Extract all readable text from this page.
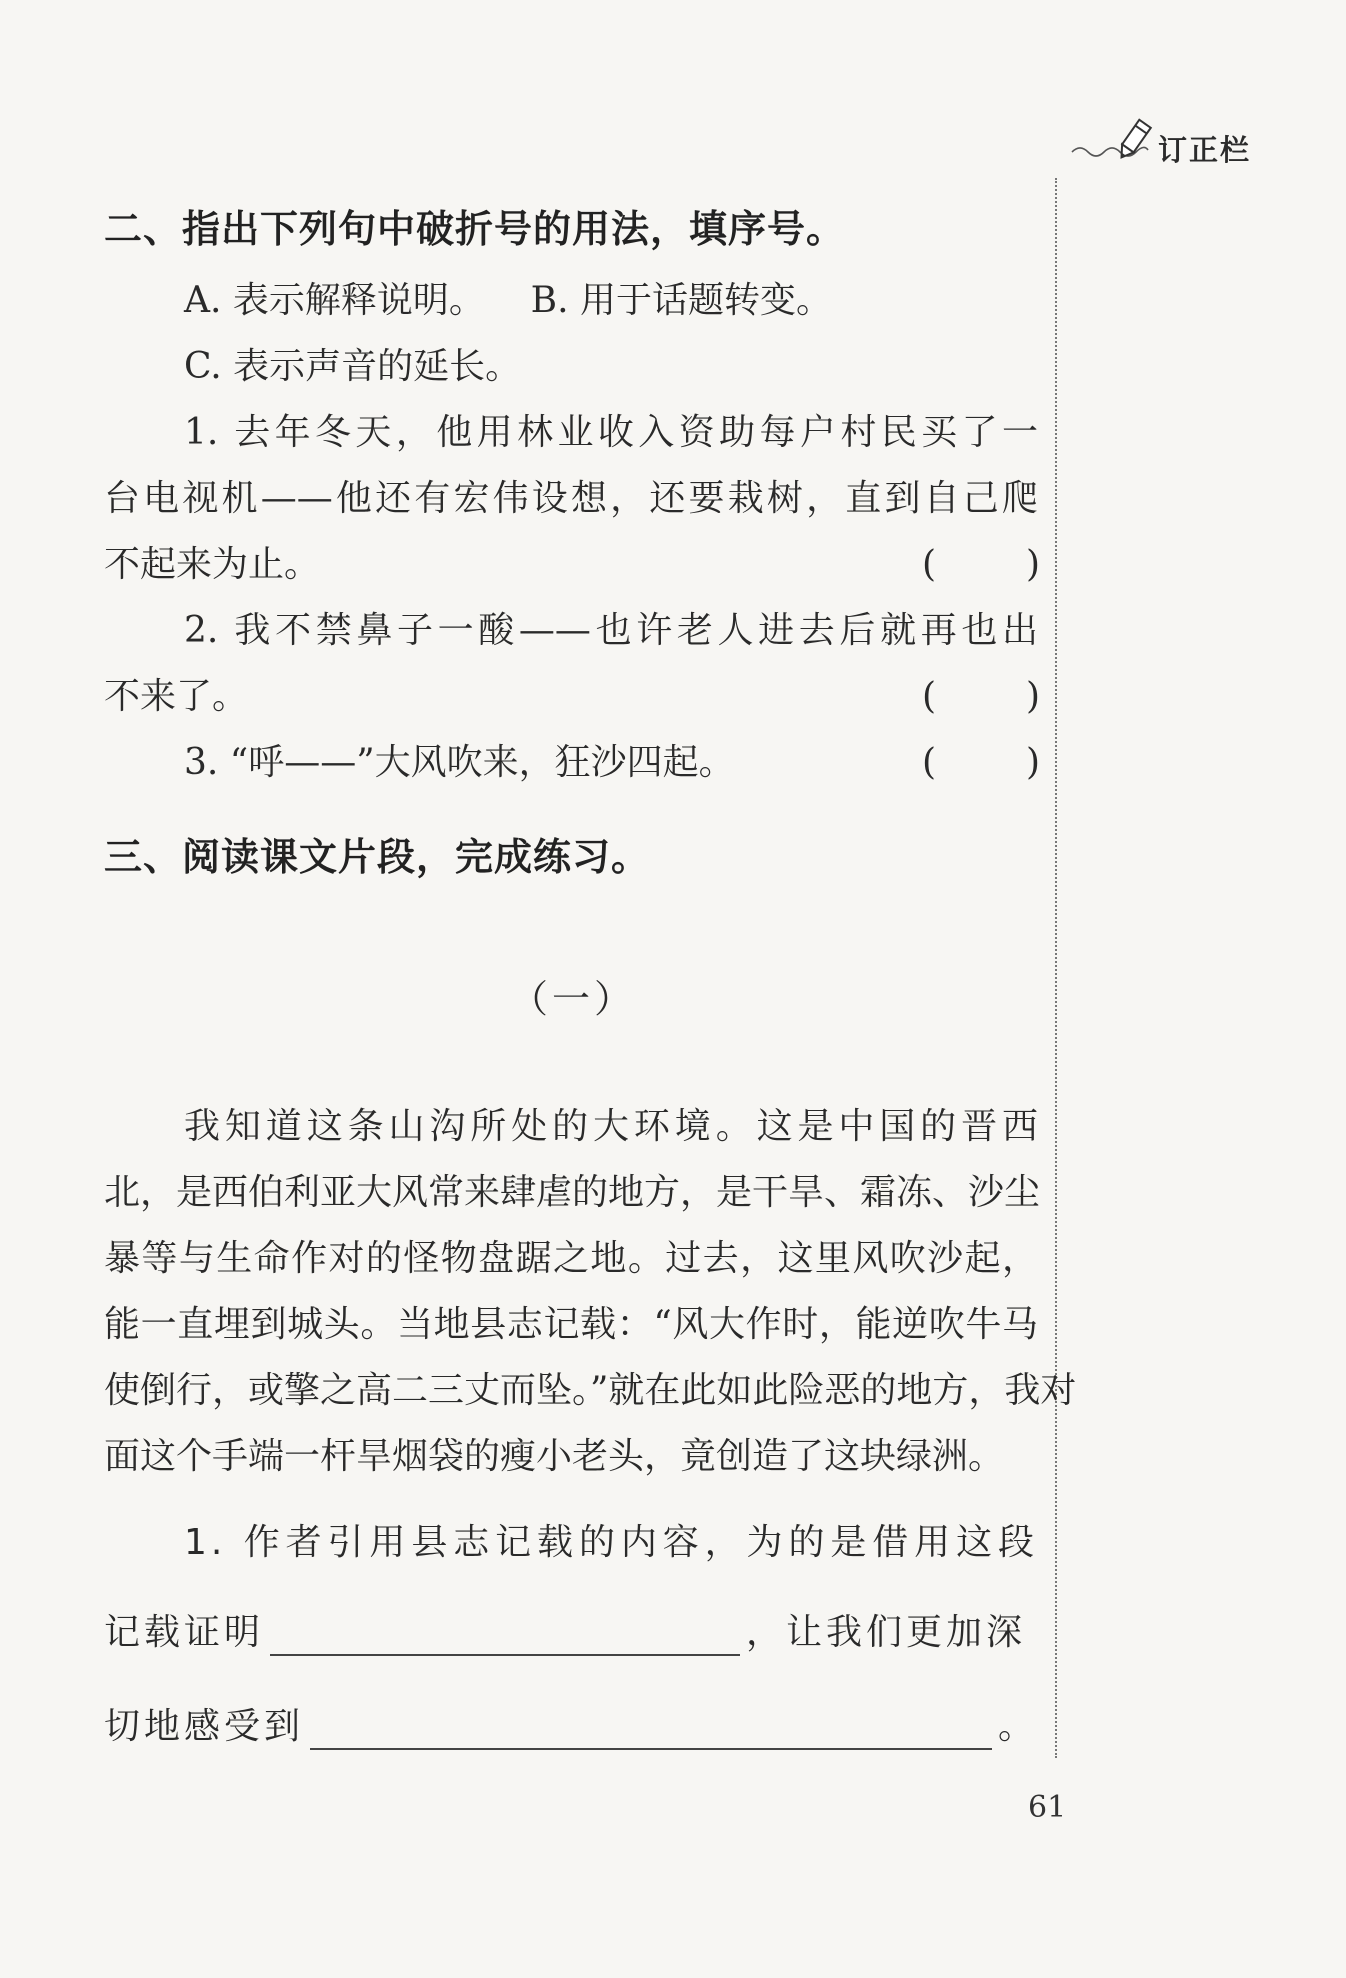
订正栏
二、指出下列句中破折号的用法，填序号。
A. 表示解释说明。    B. 用于话题转变。
C. 表示声音的延长。
1. 去年冬天，他用林业收入资助每户村民买了一
台电视机——他还有宏伟设想，还要栽树，直到自己爬
不起来为止。	( )
2. 我不禁鼻子一酸——也许老人进去后就再也出
不来了。	( )
3. “呼——”大风吹来，狂沙四起。	( )
三、阅读课文片段，完成练习。
（一）
我知道这条山沟所处的大环境。这是中国的晋西
北，是西伯利亚大风常来肆虐的地方，是干旱、霜冻、沙尘
暴等与生命作对的怪物盘踞之地。过去，这里风吹沙起，
能一直埋到城头。当地县志记载：“风大作时，能逆吹牛马
使倒行，或擎之高二三丈而坠。”就在此如此险恶的地方，我对
面这个手端一杆旱烟袋的瘦小老头，竟创造了这块绿洲。
1. 作者引用县志记载的内容，为的是借用这段
记载证明	，让我们更加深
切地感受到	。
61
